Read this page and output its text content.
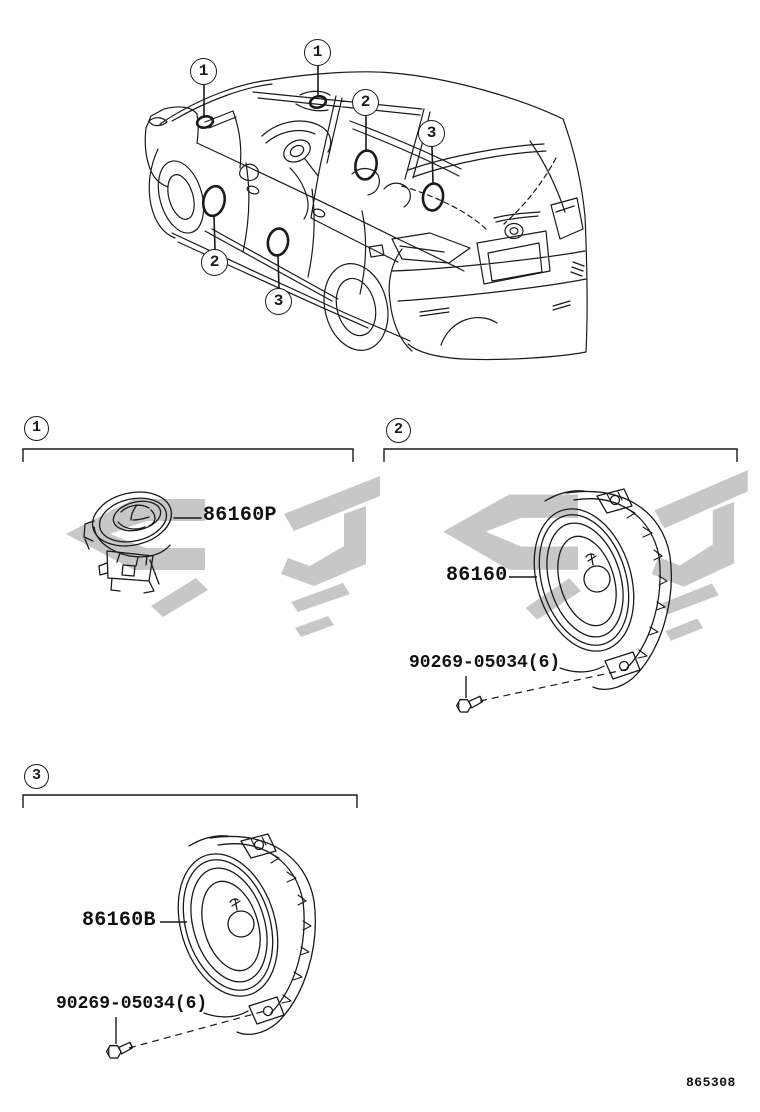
1
1
2
3
2
3
1	2
3
86160P
86160
90269-05034(6)
86160B
90269-05034(6)
865308
